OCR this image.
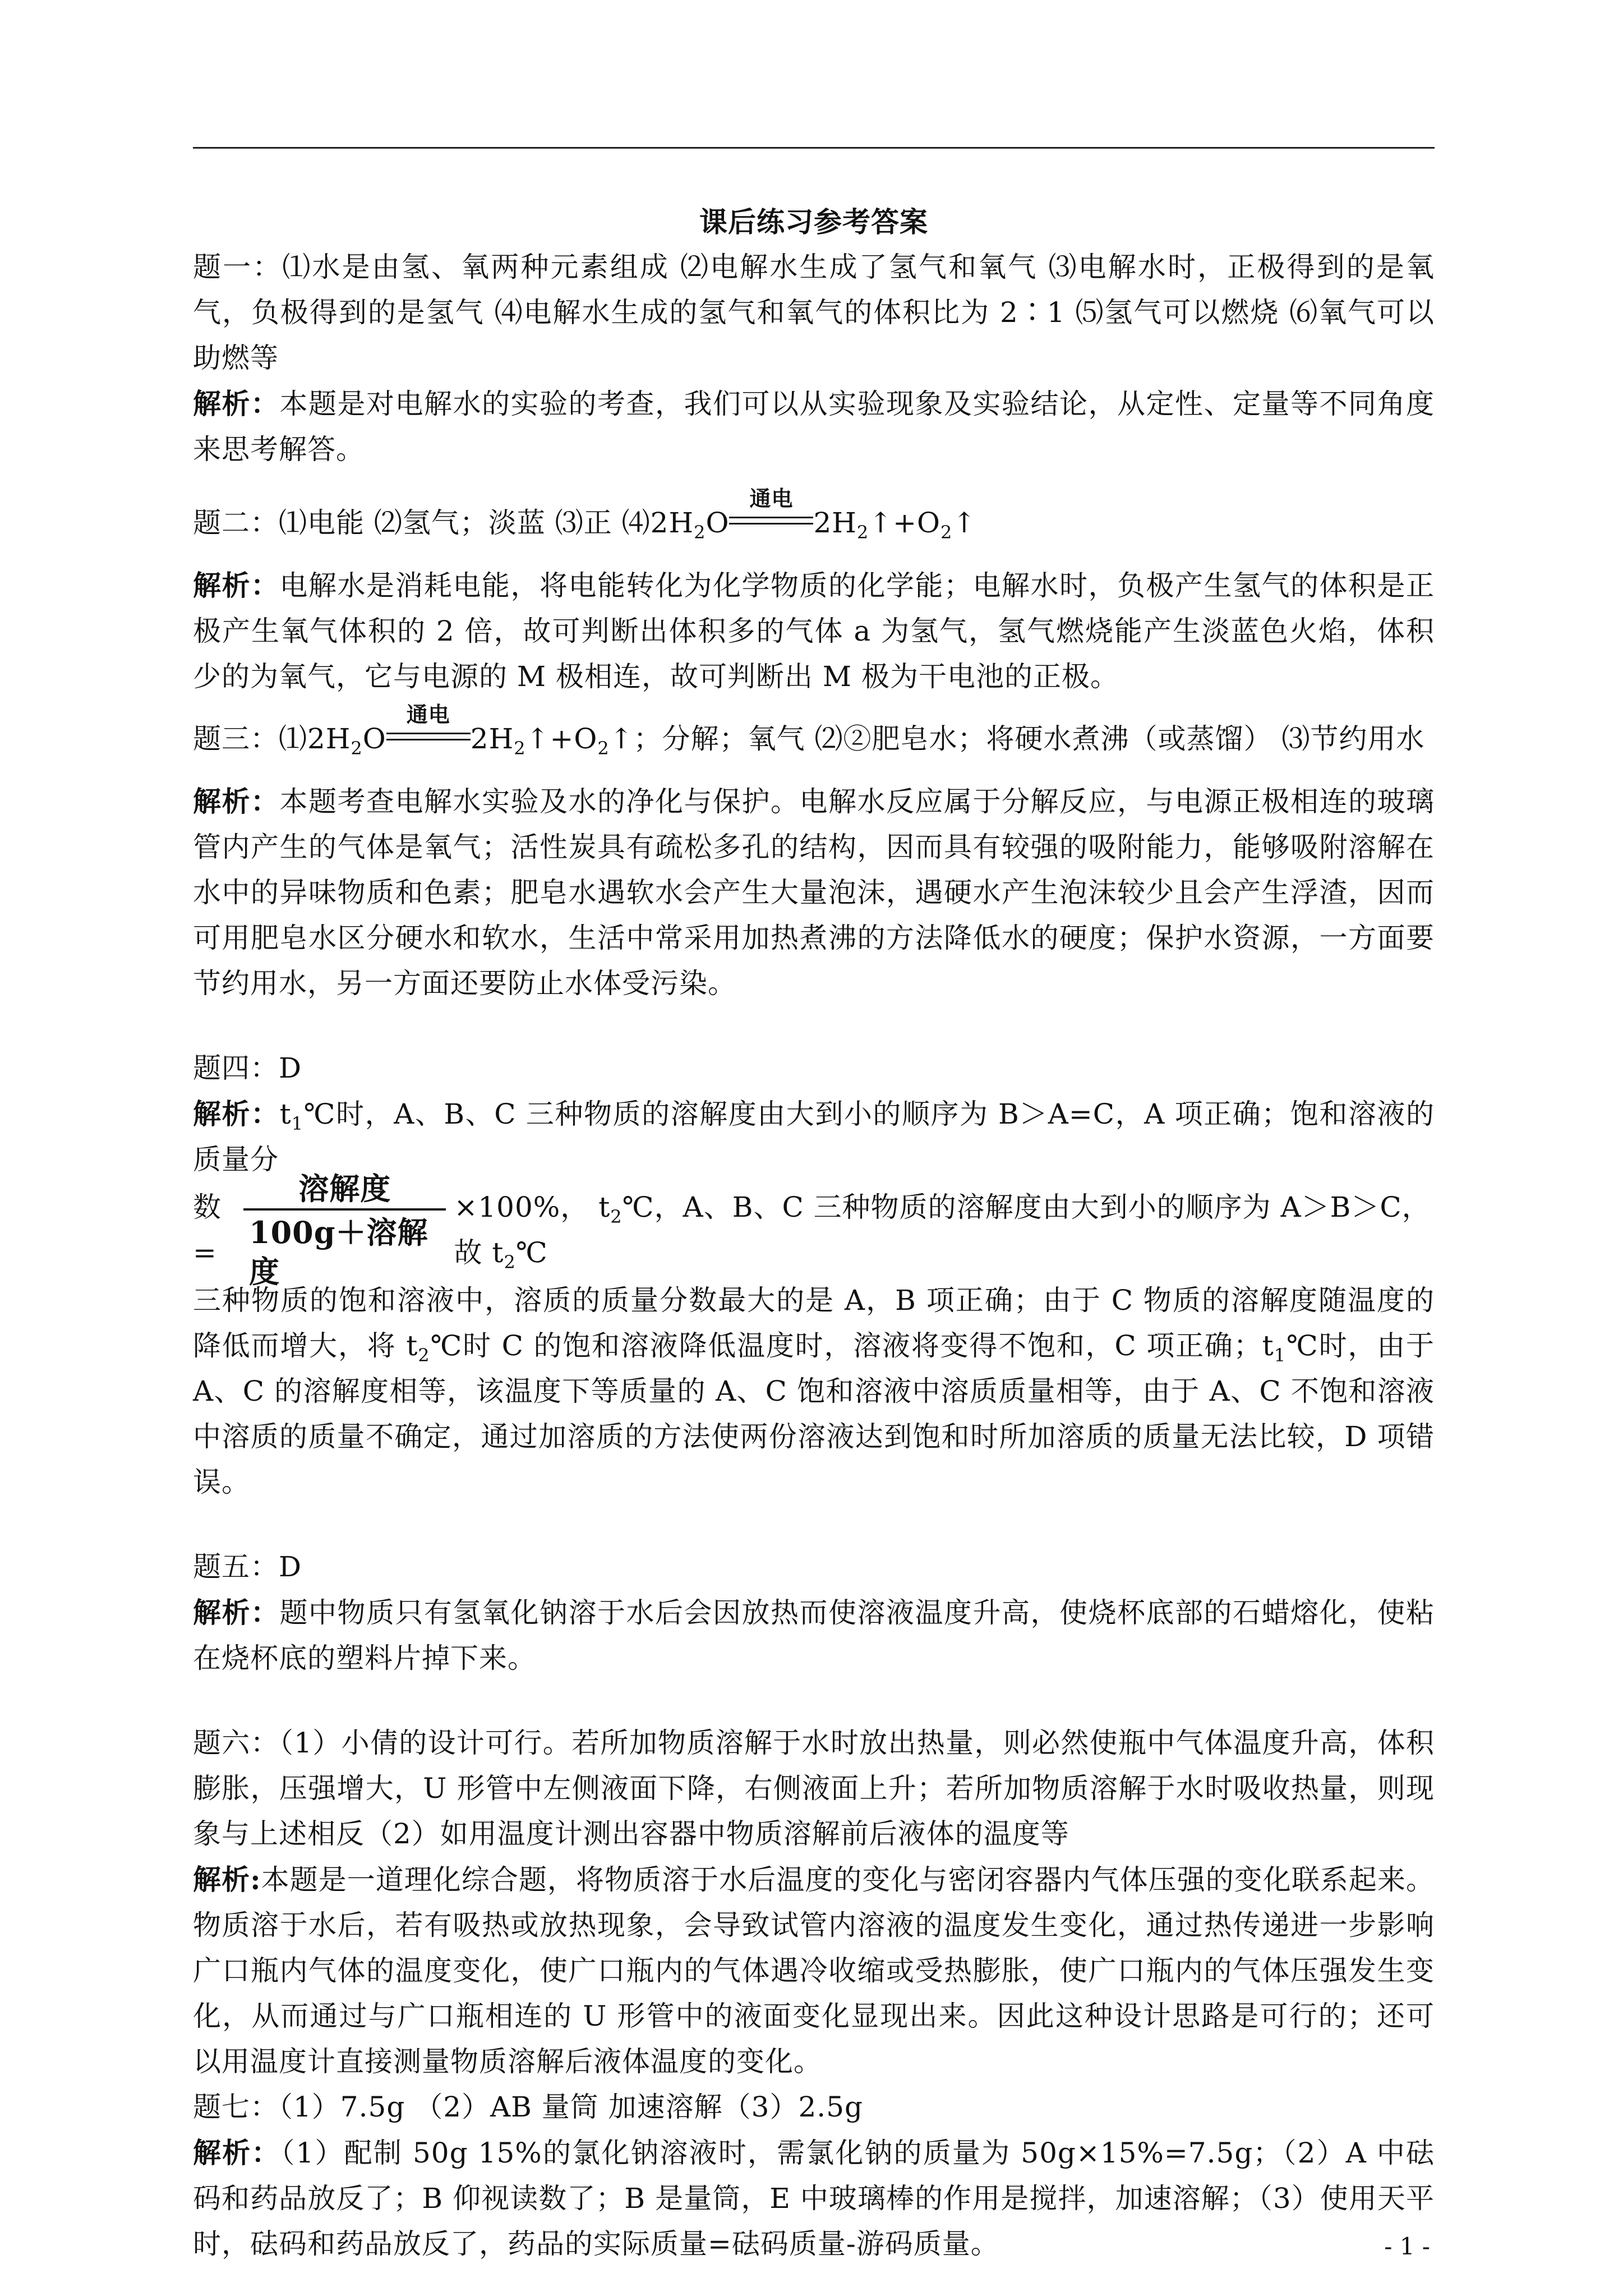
课后练习参考答案

题一：⑴水是由氢、氧两种元素组成 ⑵电解水生成了氢气和氧气 ⑶电解水时，正极得到的是氧气，负极得到的是氢气 ⑷电解水生成的氢气和氧气的体积比为 2∶1 ⑸氢气可以燃烧 ⑹氧气可以助燃等

解析：本题是对电解水的实验的考查，我们可以从实验现象及实验结论，从定性、定量等不同角度来思考解答。

题二：⑴电能 ⑵氢气；淡蓝 ⑶正 $⑷2H_2O$
通电
$2H_2↑+O_2↑$

解析：电解水是消耗电能，将电能转化为化学物质的化学能；电解水时，负极产生氢气的体积是正极产生氧气体积的 2 倍，故可判断出体积多的气体 a 为氢气，氢气燃烧能产生淡蓝色火焰，体积少的为氧气，它与电源的 M 极相连，故可判断出 M 极为干电池的正极。

题三：$⑴2H_2O$
通电
$2H_2↑+O_2↑$；分解；氧气 ⑵②肥皂水；将硬水煮沸（或蒸馏） ⑶节约用水

解析：本题考查电解水实验及水的净化与保护。电解水反应属于分解反应，与电源正极相连的玻璃管内产生的气体是氧气；活性炭具有疏松多孔的结构，因而具有较强的吸附能力，能够吸附溶解在水中的异味物质和色素；肥皂水遇软水会产生大量泡沫，遇硬水产生泡沫较少且会产生浮渣，因而可用肥皂水区分硬水和软水，生活中常采用加热煮沸的方法降低水的硬度；保护水资源，一方面要节约用水，另一方面还要防止水体受污染。

题四：D

解析：$t_1℃$时，A、B、C 三种物质的溶解度由大到小的顺序为 B＞A=C，A 项正确；饱和溶液的质量分

数= $\frac{\text{溶解度}}{\text{100g＋溶解度}} \times 100\%$， $t_2℃$，A、B、C 三种物质的溶解度由大到小的顺序为 A＞B＞C，故 $t_2℃$

三种物质的饱和溶液中，溶质的质量分数最大的是 A，B 项正确；由于 C 物质的溶解度随温度的降低而增大，将 $t_2℃$时 C 的饱和溶液降低温度时，溶液将变得不饱和，C 项正确；$t_1℃$时，由于 A、C 的溶解度相等，该温度下等质量的 A、C 饱和溶液中溶质质量相等，由于 A、C 不饱和溶液中溶质的质量不确定，通过加溶质的方法使两份溶液达到饱和时所加溶质的质量无法比较，D 项错误。

题五：D

解析：题中物质只有氢氧化钠溶于水后会因放热而使溶液温度升高，使烧杯底部的石蜡熔化，使粘在烧杯底的塑料片掉下来。

题六：（1）小倩的设计可行。若所加物质溶解于水时放出热量，则必然使瓶中气体温度升高，体积膨胀，压强增大，U 形管中左侧液面下降，右侧液面上升；若所加物质溶解于水时吸收热量，则现象与上述相反（2）如用温度计测出容器中物质溶解前后液体的温度等

解析:本题是一道理化综合题，将物质溶于水后温度的变化与密闭容器内气体压强的变化联系起来。物质溶于水后，若有吸热或放热现象，会导致试管内溶液的温度发生变化，通过热传递进一步影响广口瓶内气体的温度变化，使广口瓶内的气体遇冷收缩或受热膨胀，使广口瓶内的气体压强发生变化，从而通过与广口瓶相连的 U 形管中的液面变化显现出来。因此这种设计思路是可行的；还可以用温度计直接测量物质溶解后液体温度的变化。

题七：（1）7.5g （2）AB 量筒 加速溶解（3）2.5g

解析：（1）配制 50g 15%的氯化钠溶液时，需氯化钠的质量为 50g×15%=7.5g；（2）A 中砝码和药品放反了；B 仰视读数了；B 是量筒，E 中玻璃棒的作用是搅拌，加速溶解；（3）使用天平时，砝码和药品放反了，药品的实际质量=砝码质量-游码质量。	- 1 -
